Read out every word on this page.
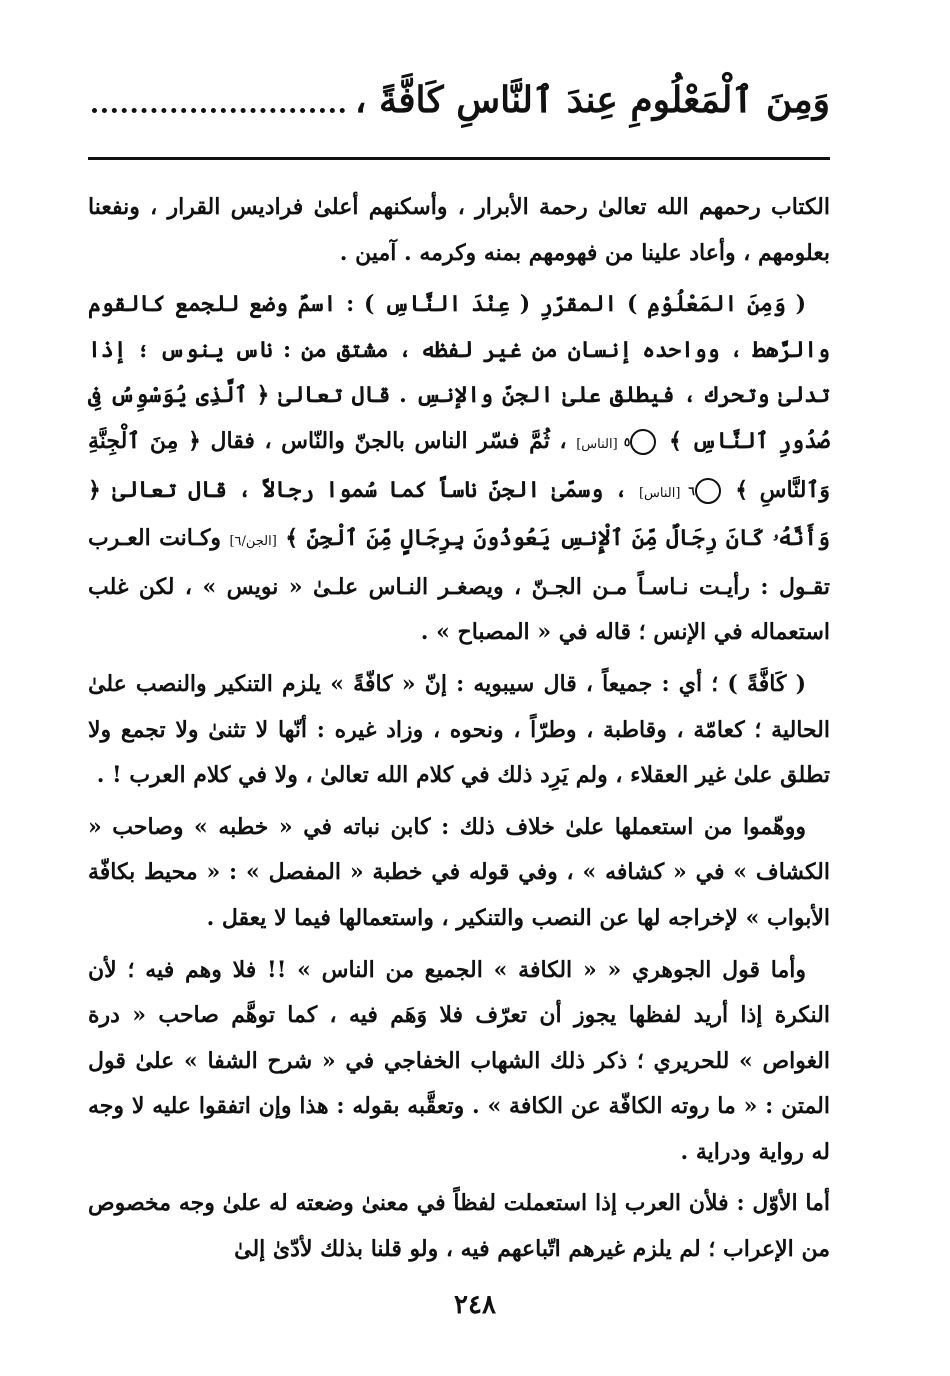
وَمِنَ ٱلْمَعْلُومِ عِندَ ٱلنَّاسِ كَافَّةً ،

الكتاب رحمهم الله تعالىٰ رحمة الأبرار ، وأسكنهم أعلىٰ فراديس القرار ، ونفعنا بعلومهم ، وأعاد علينا من فهومهم بمنه وكرمه . آمين .

( وَمِنَ المَعْلُوْمِ ) المقرّرِ ( عِنْدَ النَّاسِ ) : اسمٌ وضع للجمع كالقوم والرَّهط ، وواحده إنسان من غير لفظه ، مشتق من : ناس ينوس ؛ إذا تدلىٰ وتحرك ، فيطلق علىٰ الجنّ والإنسِ . قال تعالىٰ ﴿ ٱلَّذِى يُوَسْوِسُ فِى صُدُورِ ٱلنَّاسِ ﴾ ٥ [الناس] ، ثُمَّ فسّر الناس بالجنّ والنّاس ، فقال ﴿ مِنَ ٱلْجِنَّةِ وَٱلنَّاسِ ﴾ ٦ [الناس] ، وسمّىٰ الجنّ ناساً كما سُموا رجالاً ، قال تعالىٰ ﴿ وَأَنَّهُۥ كَانَ رِجَالٌ مِّنَ ٱلْإِنسِ يَعُوذُونَ بِرِجَالٍ مِّنَ ٱلْجِنِّ ﴾ [الجن/٦] وكـانت العـرب تقـول : رأيـت نـاسـاً مـن الجـنّ ، ويصغـر النـاس علـىٰ « نويس » ، لكن غلب استعماله في الإنس ؛ قاله في « المصباح » .

( كَافَّةً ) ؛ أي : جميعاً ، قال سيبويه : إنّ « كافّةً » يلزم التنكير والنصب علىٰ الحالية ؛ كعامّة ، وقاطبة ، وطرّاً ، ونحوه ، وزاد غيره : أنّها لا تثنىٰ ولا تجمع ولا تطلق علىٰ غير العقلاء ، ولم يَرِد ذلك في كلام الله تعالىٰ ، ولا في كلام العرب ! .

ووهّموا من استعملها علىٰ خلاف ذلك : كابن نباته في « خطبه » وصاحب « الكشاف » في « كشافه » ، وفي قوله في خطبة « المفصل » : « محيط بكافّة الأبواب » لإخراجه لها عن النصب والتنكير ، واستعمالها فيما لا يعقل .

وأما قول الجوهري « « الكافة » الجميع من الناس » !! فلا وهم فيه ؛ لأن النكرة إذا أريد لفظها يجوز أن تعرّف فلا وَهَم فيه ، كما توهَّم صاحب « درة الغواص » للحريري ؛ ذكر ذلك الشهاب الخفاجي في « شرح الشفا » علىٰ قول المتن : « ما روته الكافّة عن الكافة » . وتعقَّبه بقوله : هذا وإن اتفقوا عليه لا وجه له رواية ودراية .

أما الأوّل : فلأن العرب إذا استعملت لفظاً في معنىٰ وضعته له علىٰ وجه مخصوص من الإعراب ؛ لم يلزم غيرهم اتّباعهم فيه ، ولو قلنا بذلك لأدّىٰ إلىٰ

٢٤٨
